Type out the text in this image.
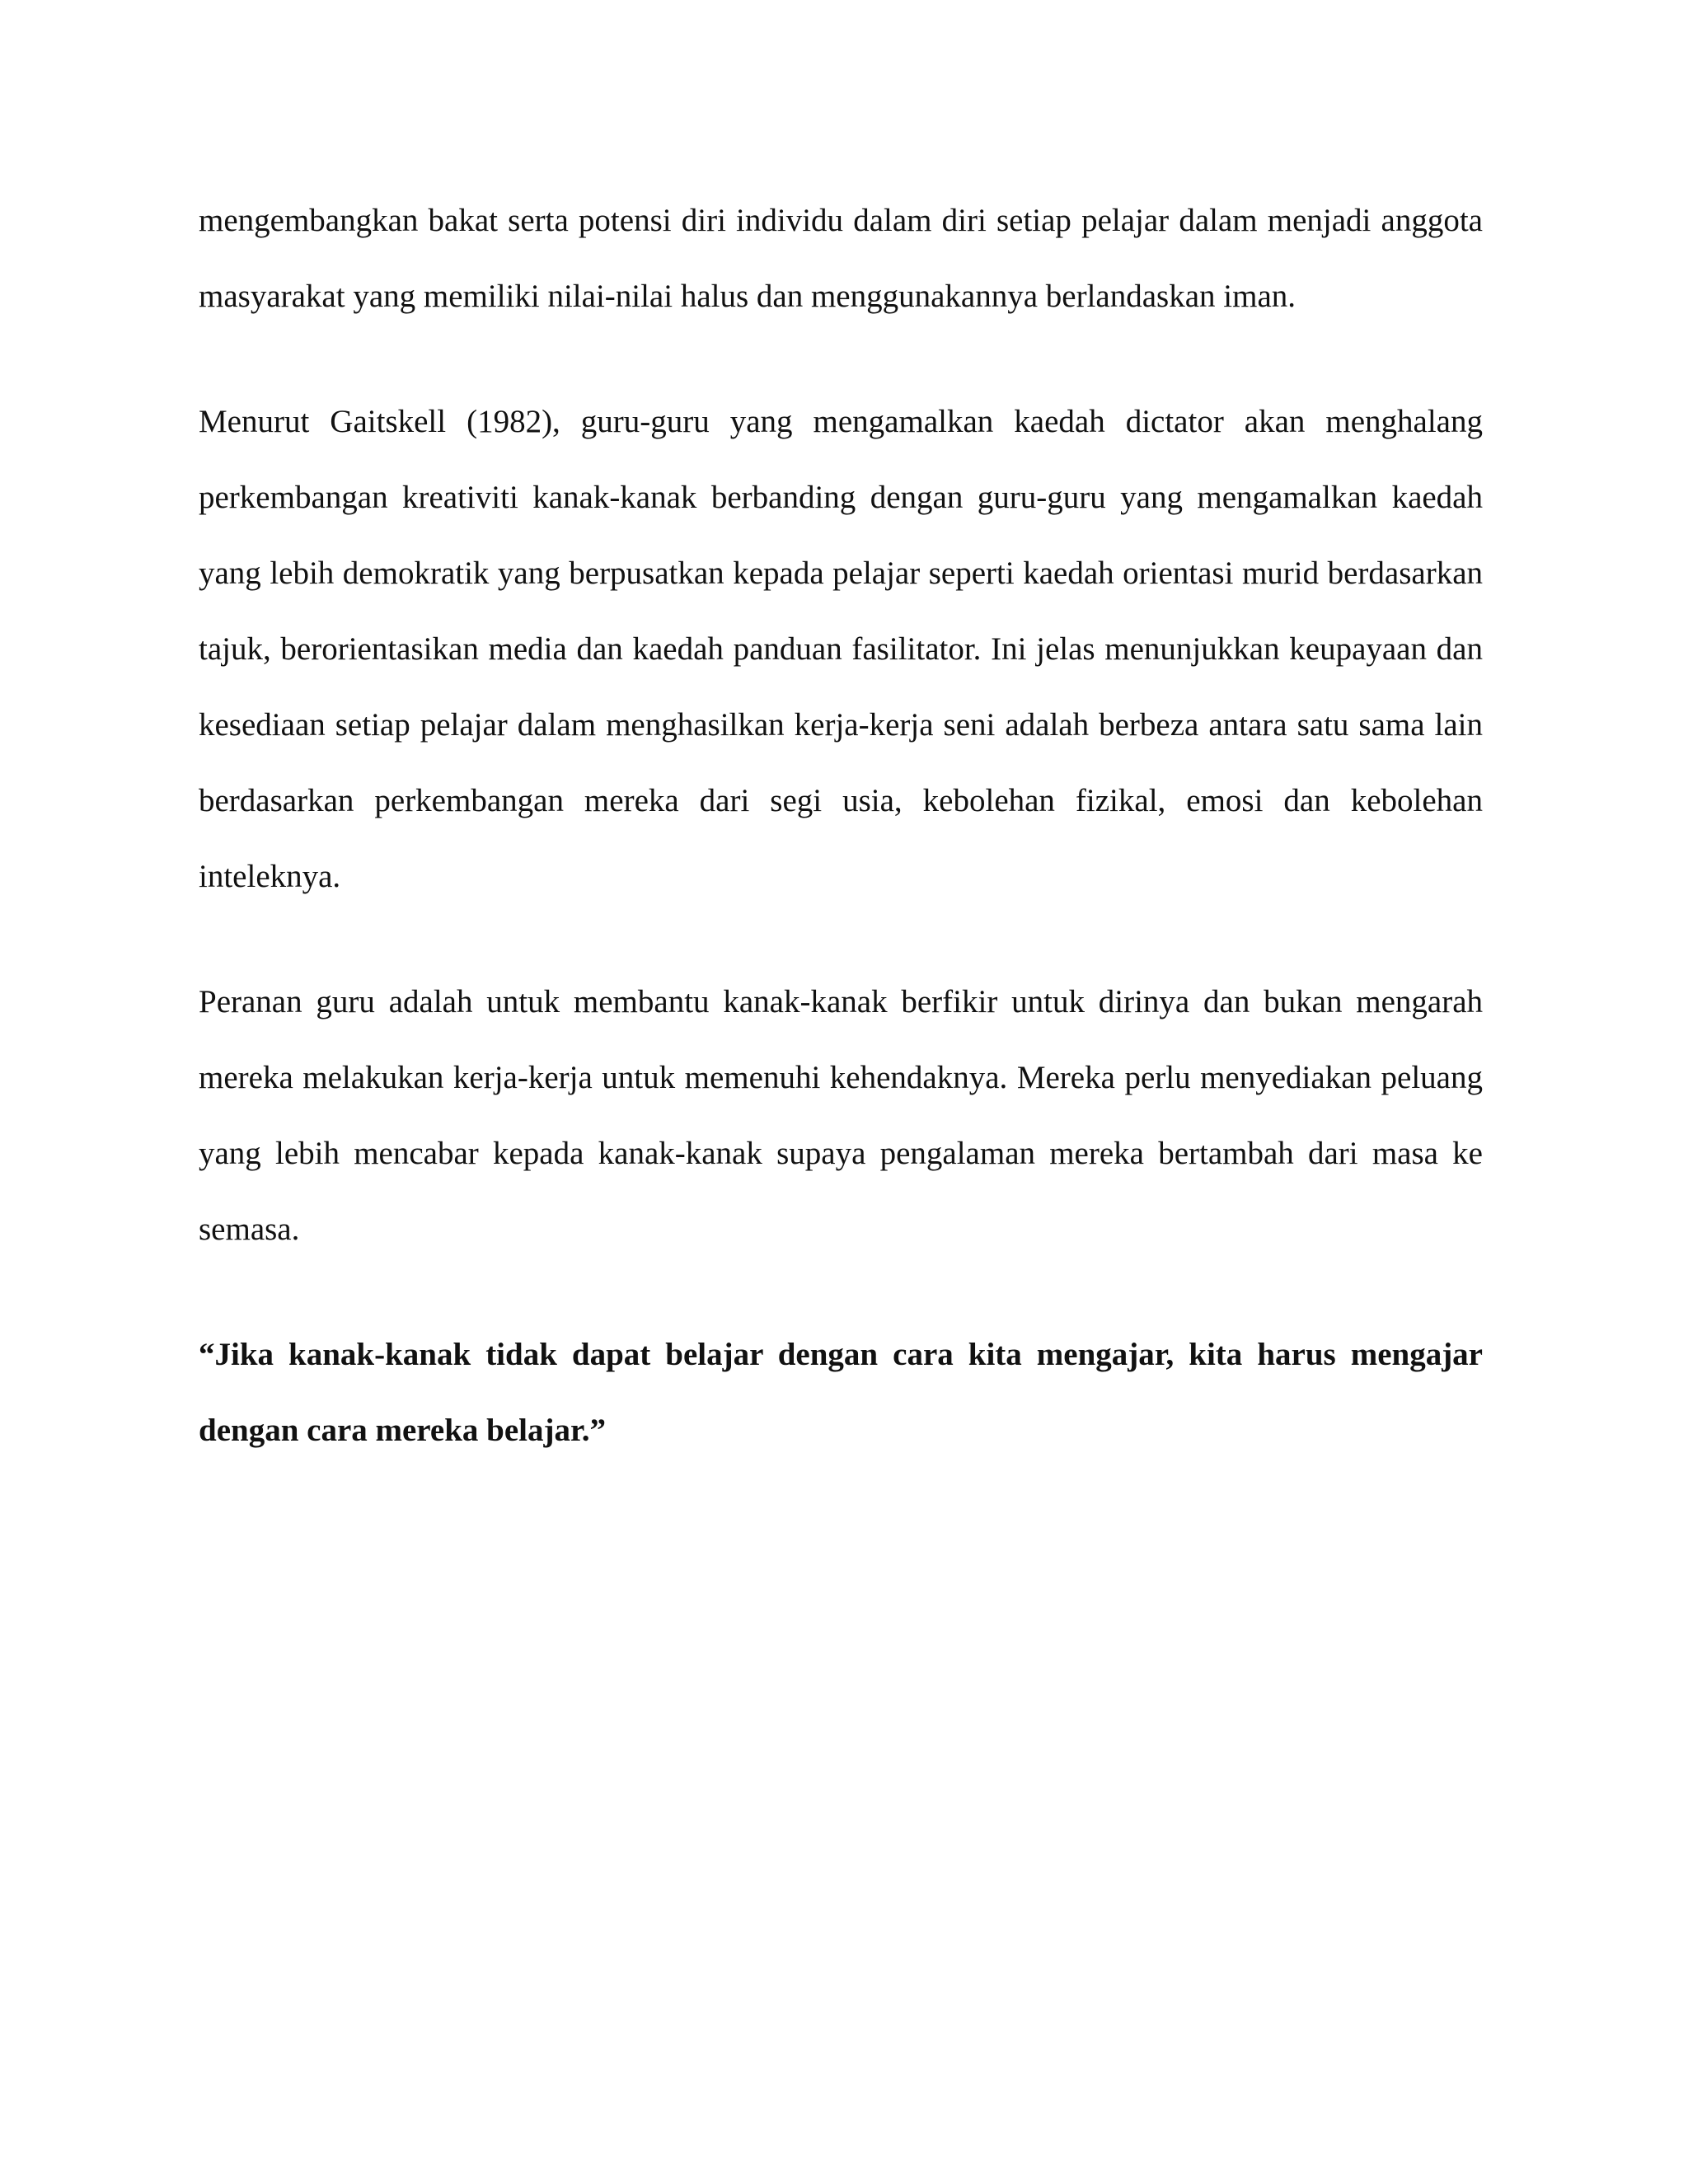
mengembangkan bakat serta potensi diri individu dalam diri setiap pelajar dalam menjadi anggota masyarakat yang memiliki nilai-nilai halus dan menggunakannya berlandaskan iman.

Menurut Gaitskell (1982), guru-guru yang mengamalkan kaedah dictator akan menghalang perkembangan kreativiti kanak-kanak berbanding dengan guru-guru yang mengamalkan kaedah yang lebih demokratik yang berpusatkan kepada pelajar seperti kaedah orientasi murid berdasarkan tajuk, berorientasikan media dan kaedah panduan fasilitator. Ini jelas menunjukkan keupayaan dan kesediaan setiap pelajar dalam menghasilkan kerja-kerja seni adalah berbeza antara satu sama lain berdasarkan perkembangan mereka dari segi usia, kebolehan fizikal, emosi dan kebolehan inteleknya.

Peranan guru adalah untuk membantu kanak-kanak berfikir untuk dirinya dan bukan mengarah mereka melakukan kerja-kerja untuk memenuhi kehendaknya. Mereka perlu menyediakan peluang yang lebih mencabar kepada kanak-kanak supaya pengalaman mereka bertambah dari masa ke semasa.

“Jika kanak-kanak tidak dapat belajar dengan cara kita mengajar, kita harus mengajar dengan cara mereka belajar.”
